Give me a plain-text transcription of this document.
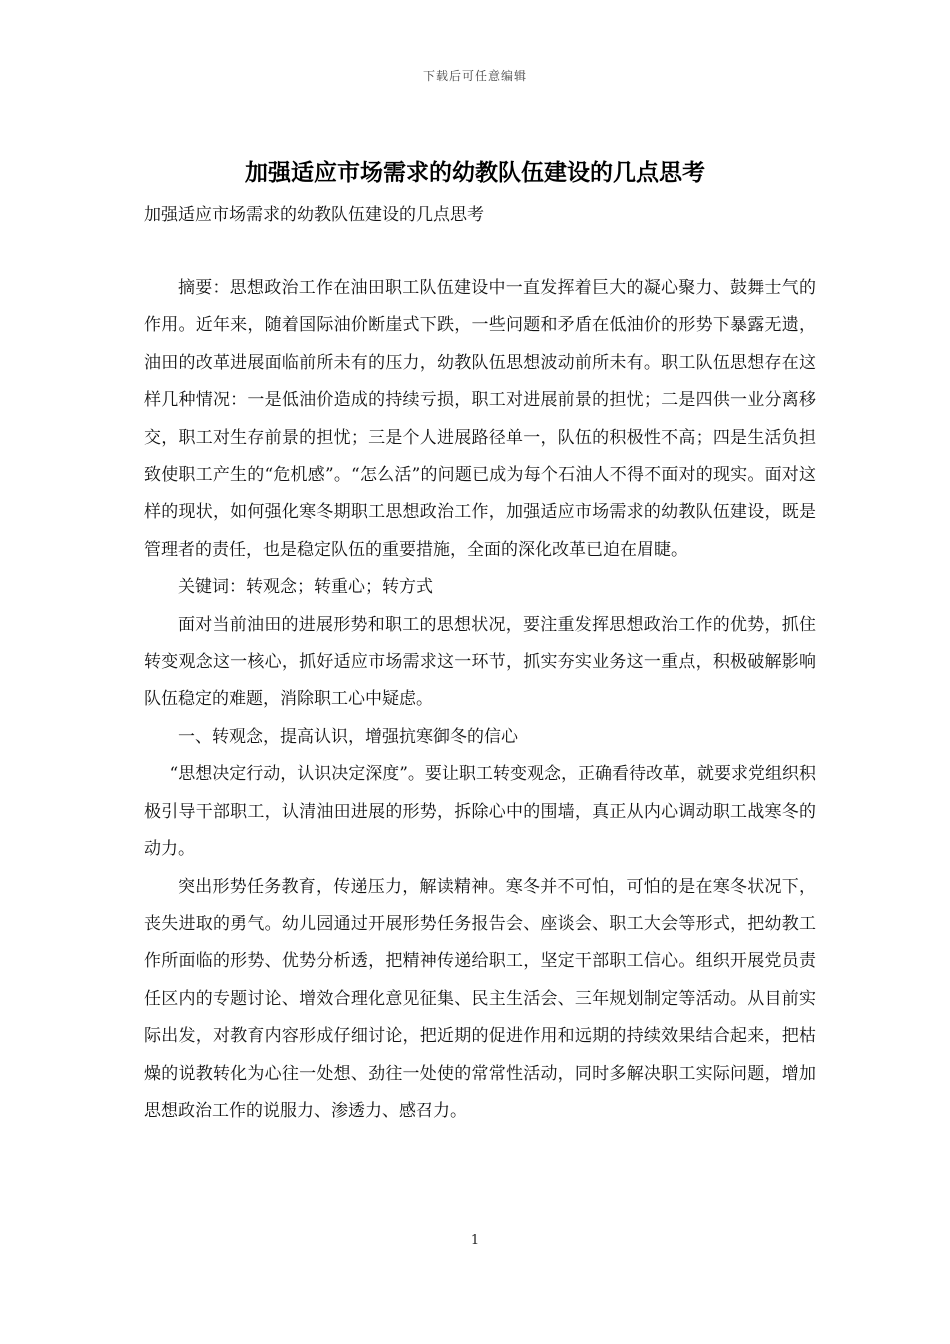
下载后可任意编辑
加强适应市场需求的幼教队伍建设的几点思考
加强适应市场需求的幼教队伍建设的几点思考

摘要：思想政治工作在油田职工队伍建设中一直发挥着巨大的凝心聚力、鼓舞士气的作用。近年来，随着国际油价断崖式下跌，一些问题和矛盾在低油价的形势下暴露无遗，油田的改革进展面临前所未有的压力，幼教队伍思想波动前所未有。职工队伍思想存在这样几种情况：一是低油价造成的持续亏损，职工对进展前景的担忧；二是四供一业分离移交，职工对生存前景的担忧；三是个人进展路径单一，队伍的积极性不高；四是生活负担致使职工产生的“危机感”。“怎么活”的问题已成为每个石油人不得不面对的现实。面对这样的现状，如何强化寒冬期职工思想政治工作，加强适应市场需求的幼教队伍建设，既是管理者的责任，也是稳定队伍的重要措施，全面的深化改革已迫在眉睫。

关键词：转观念；转重心；转方式

面对当前油田的进展形势和职工的思想状况，要注重发挥思想政治工作的优势，抓住转变观念这一核心，抓好适应市场需求这一环节，抓实夯实业务这一重点，积极破解影响队伍稳定的难题，消除职工心中疑虑。

一、转观念，提高认识，增强抗寒御冬的信心

“思想决定行动，认识决定深度”。要让职工转变观念，正确看待改革，就要求党组织积极引导干部职工，认清油田进展的形势，拆除心中的围墙，真正从内心调动职工战寒冬的动力。

突出形势任务教育，传递压力，解读精神。寒冬并不可怕，可怕的是在寒冬状况下，丧失进取的勇气。幼儿园通过开展形势任务报告会、座谈会、职工大会等形式，把幼教工作所面临的形势、优势分析透，把精神传递给职工，坚定干部职工信心。组织开展党员责任区内的专题讨论、增效合理化意见征集、民主生活会、三年规划制定等活动。从目前实际出发，对教育内容形成仔细讨论，把近期的促进作用和远期的持续效果结合起来，把枯燥的说教转化为心往一处想、劲往一处使的常常性活动，同时多解决职工实际问题，增加思想政治工作的说服力、渗透力、感召力。

1
